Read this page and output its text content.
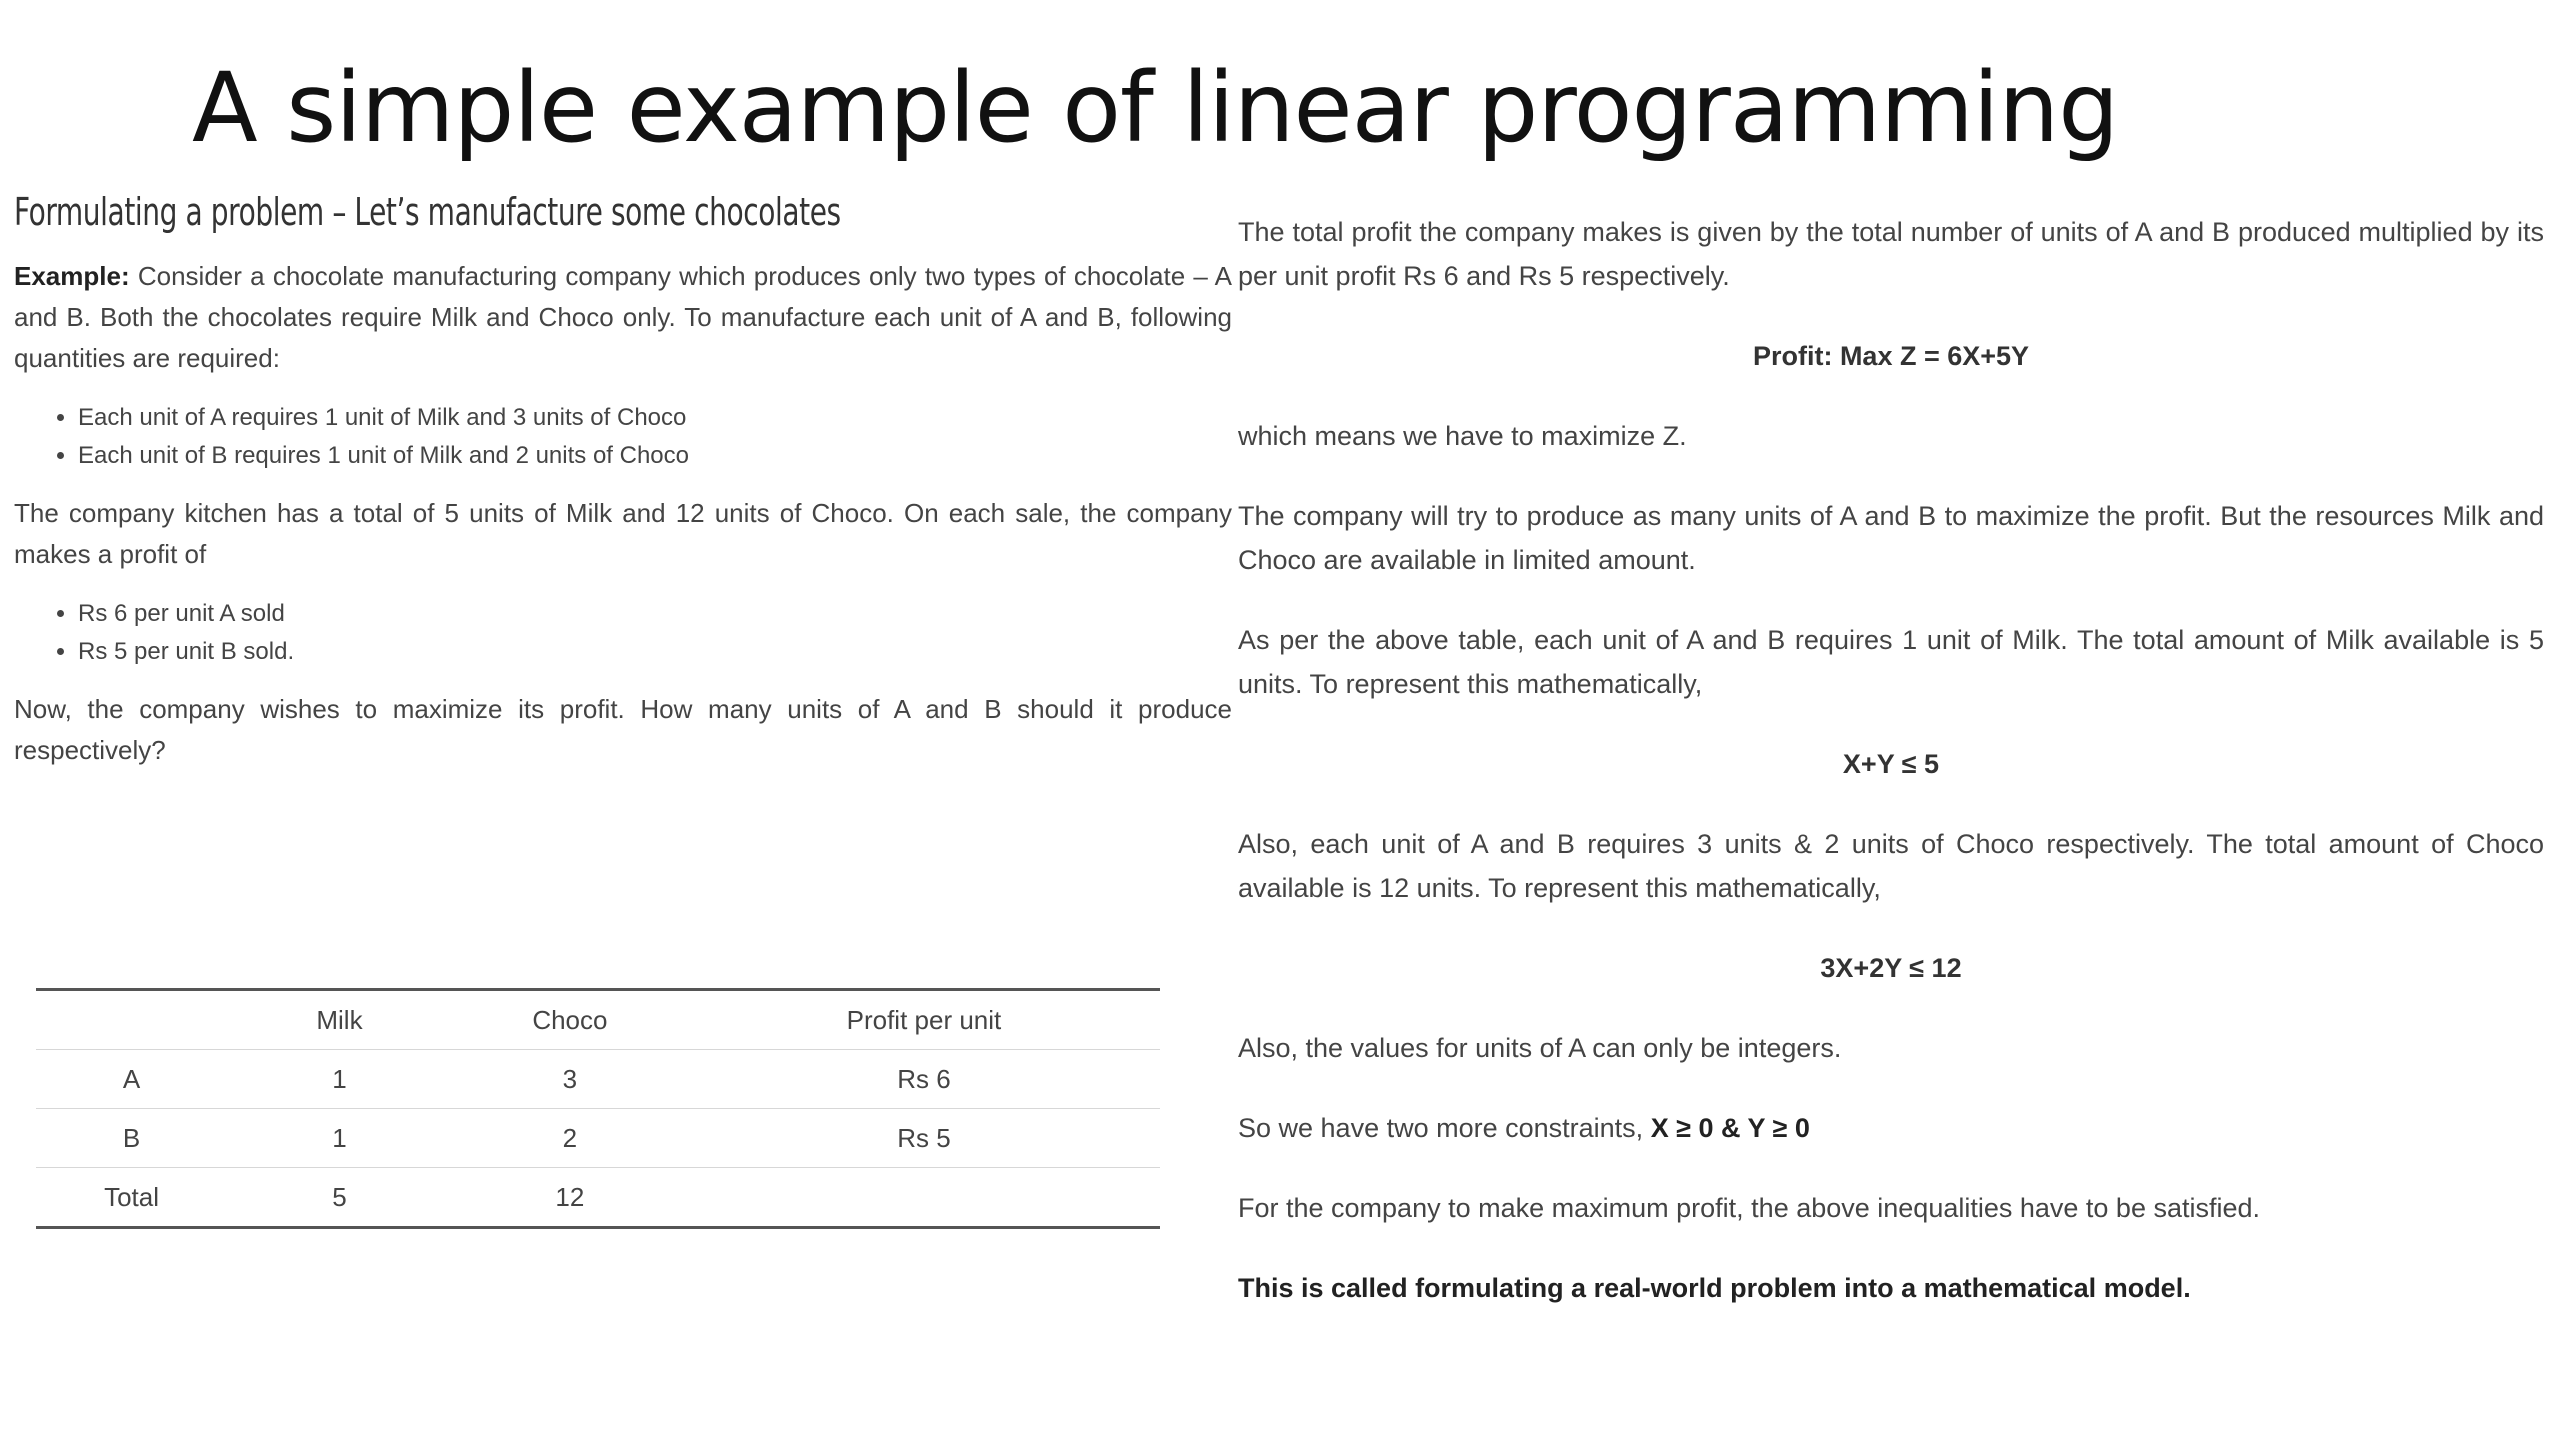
A simple example of linear programming
Formulating a problem – Let’s manufacture some chocolates

Example: Consider a chocolate manufacturing company which produces only two types of chocolate – A and B. Both the chocolates require Milk and Choco only. To manufacture each unit of A and B, following quantities are required:

• Each unit of A requires 1 unit of Milk and 3 units of Choco
• Each unit of B requires 1 unit of Milk and 2 units of Choco

The company kitchen has a total of 5 units of Milk and 12 units of Choco. On each sale, the company makes a profit of

• Rs 6 per unit A sold
• Rs 5 per unit B sold.

Now, the company wishes to maximize its profit. How many units of A and B should it produce respectively?

	Milk	Choco	Profit per unit
A	1	3	Rs 6
B	1	2	Rs 5
Total	5	12	

The total profit the company makes is given by the total number of units of A and B produced multiplied by its per unit profit Rs 6 and Rs 5 respectively.

Profit: Max Z = 6X+5Y

which means we have to maximize Z.

The company will try to produce as many units of A and B to maximize the profit. But the resources Milk and Choco are available in limited amount.

As per the above table, each unit of A and B requires 1 unit of Milk. The total amount of Milk available is 5 units. To represent this mathematically,

X+Y ≤ 5

Also, each unit of A and B requires 3 units & 2 units of Choco respectively. The total amount of Choco available is 12 units. To represent this mathematically,

3X+2Y ≤ 12

Also, the values for units of A can only be integers.

So we have two more constraints, X ≥ 0 & Y ≥ 0

For the company to make maximum profit, the above inequalities have to be satisfied.

This is called formulating a real-world problem into a mathematical model.
